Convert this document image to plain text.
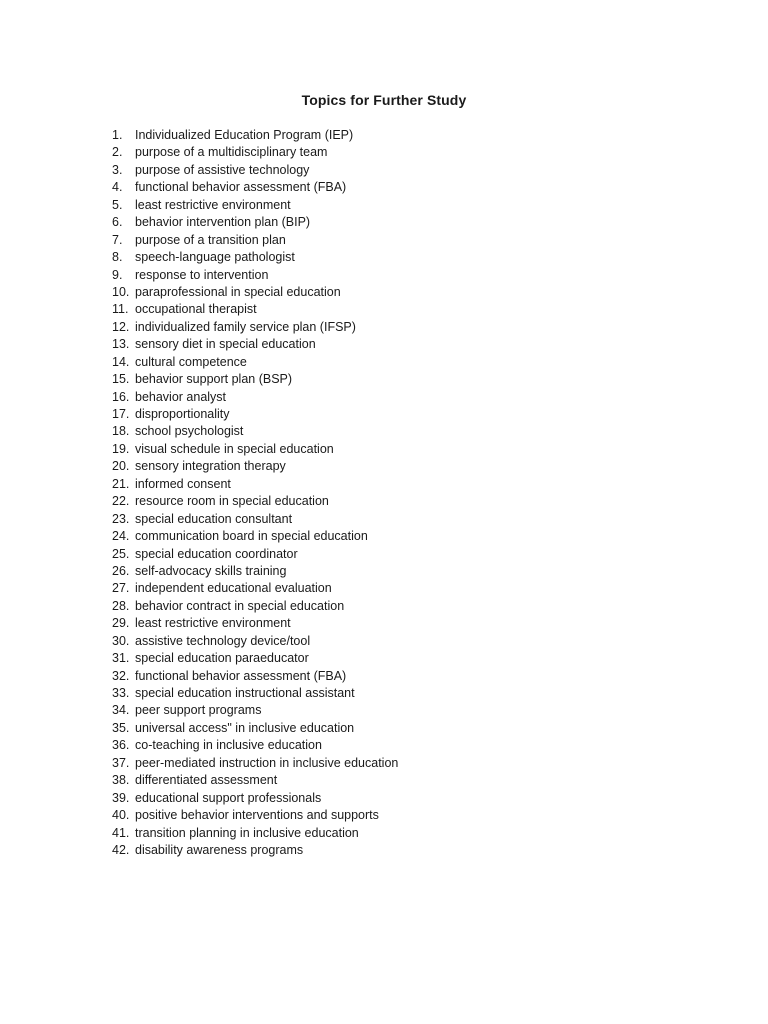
Topics for Further Study
1.	Individualized Education Program (IEP)
2.	purpose of a multidisciplinary team
3.	purpose of assistive technology
4.	functional behavior assessment (FBA)
5.	least restrictive environment
6.	behavior intervention plan (BIP)
7.	purpose of a transition plan
8.	speech-language pathologist
9.	response to intervention
10. paraprofessional in special education
11. occupational therapist
12. individualized family service plan (IFSP)
13. sensory diet in special education
14. cultural competence
15. behavior support plan (BSP)
16. behavior analyst
17. disproportionality
18. school psychologist
19. visual schedule in special education
20. sensory integration therapy
21. informed consent
22. resource room in special education
23. special education consultant
24. communication board in special education
25. special education coordinator
26. self-advocacy skills training
27. independent educational evaluation
28. behavior contract in special education
29. least restrictive environment
30. assistive technology device/tool
31. special education paraeducator
32. functional behavior assessment (FBA)
33. special education instructional assistant
34. peer support programs
35. universal access" in inclusive education
36. co-teaching in inclusive education
37. peer-mediated instruction in inclusive education
38. differentiated assessment
39. educational support professionals
40. positive behavior interventions and supports
41. transition planning in inclusive education
42. disability awareness programs
